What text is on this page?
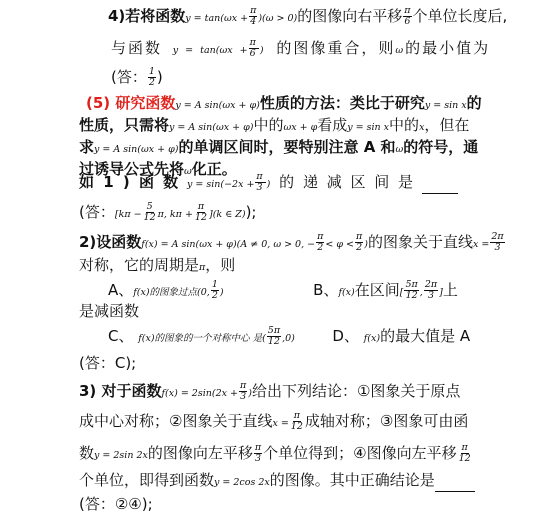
4)若将函数$y = \tan(\omega x + \frac{\pi}{4} )(\omega > 0)$的图像向右平移 $\frac{\pi}{6}$ 个单位长度后,
与函数 $y = \tan(\omega x + \frac{\pi}{6}$ ) 的图像重合，则ω的最小值为
(答： $\frac{1}{2}$ )
(5) 研究函数y = A sin(ωx + φ)性质的方法：类比于研究y = sin x的
性质，只需将y = A sin(ωx + φ)中的ωx + φ看成y = sin x中的x，但在
求y = A sin(ωx + φ)的单调区间时，要特别注意 A 和ω的符号，通
过诱导公式先将ω化正。
如 1 ) 函 数 $y = \sin(-2x + \frac{\pi}{3}$ ) 的 递 减 区 间 是
(答：[$k\pi - \frac{5}{12} \pi$, $k\pi + \frac{\pi}{12} ](k$ ∈ Z));
2)设函数f(x) = A sin(ωx + φ)(A ≠ 0, ω > 0, − $\frac{\pi}{2} < \varphi < \frac{\pi}{2}$ )的图象关于直线$x = \frac{2\pi}{3}$
对称，它的周期是π，则
A、f(x)的图象过点(0, $\frac{1}{2}$ )	B、f(x)在区间[ $\frac{5\pi}{12}$ , $\frac{2\pi}{3}$ ]上
是减函数
C、 f(x)的图象的一个对称中心 是( $\frac{5\pi}{12} ,0$)	D、 f(x)的最大值是 A
(答：C);
3) 对于函数$f(x) = 2\sin(2x + \frac{\pi}{3}$ )给出下列结论：①图象关于原点
成中心对称；②图象关于直线$x = \frac{\pi}{12}$ 成轴对称；③图象可由函
数y = 2sin 2x的图像向左平移 $\frac{\pi}{3}$ 个单位得到；④图像向左平移 $\frac{\pi}{12}$
个单位，即得到函数y = 2cos 2x的图像。其中正确结论是
(答：②④);
